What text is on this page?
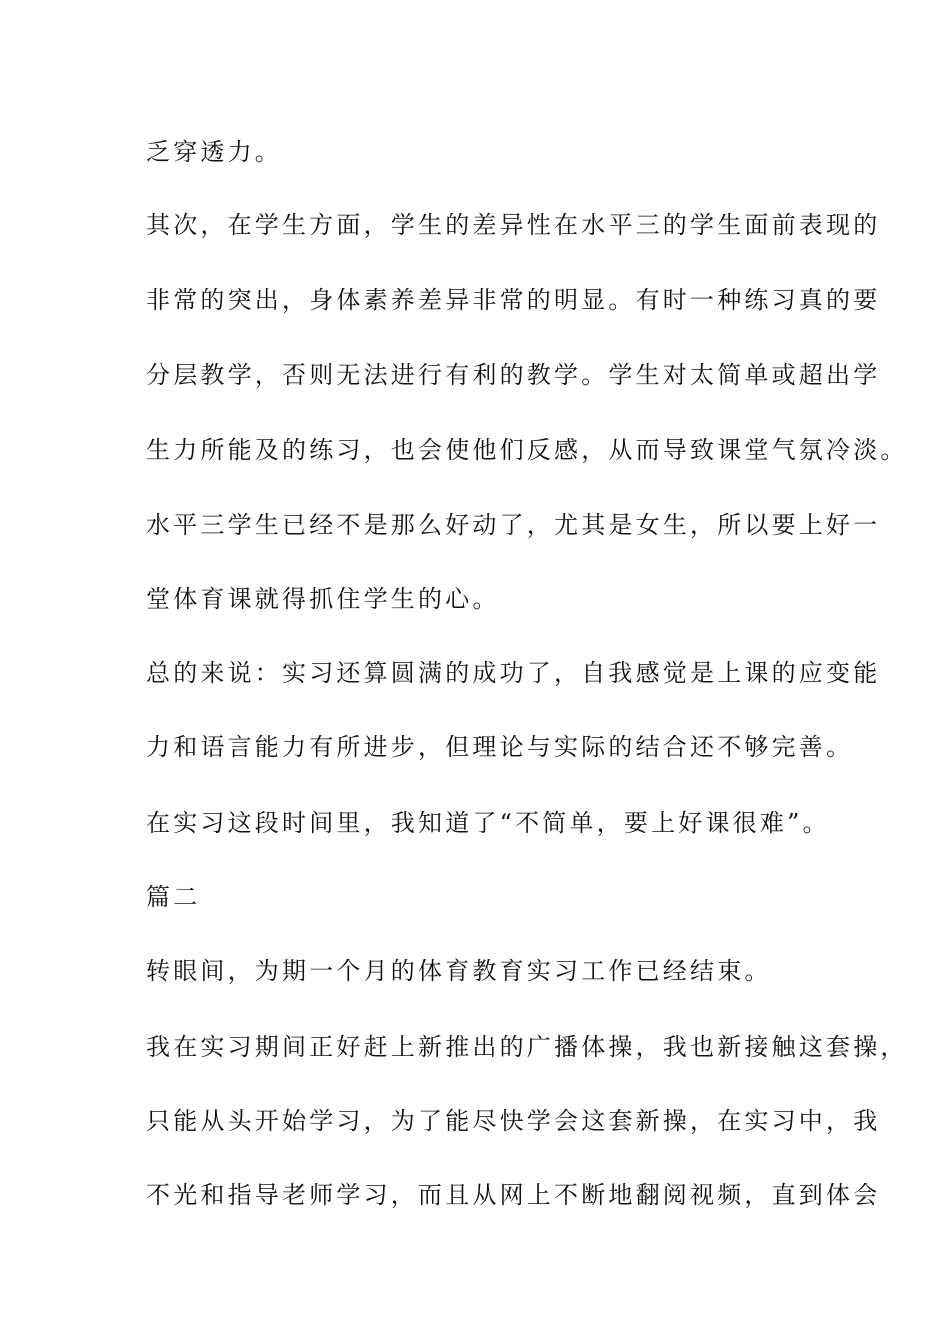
乏穿透力。
其次，在学生方面，学生的差异性在水平三的学生面前表现的
非常的突出，身体素养差异非常的明显。有时一种练习真的要
分层教学，否则无法进行有利的教学。学生对太简单或超出学
生力所能及的练习，也会使他们反感，从而导致课堂气氛冷淡。
水平三学生已经不是那么好动了，尤其是女生，所以要上好一
堂体育课就得抓住学生的心。
总的来说：实习还算圆满的成功了，自我感觉是上课的应变能
力和语言能力有所进步，但理论与实际的结合还不够完善。
在实习这段时间里，我知道了“不简单，要上好课很难”。
篇二
转眼间，为期一个月的体育教育实习工作已经结束。
我在实习期间正好赶上新推出的广播体操，我也新接触这套操，
只能从头开始学习，为了能尽快学会这套新操，在实习中，我
不光和指导老师学习，而且从网上不断地翻阅视频，直到体会
